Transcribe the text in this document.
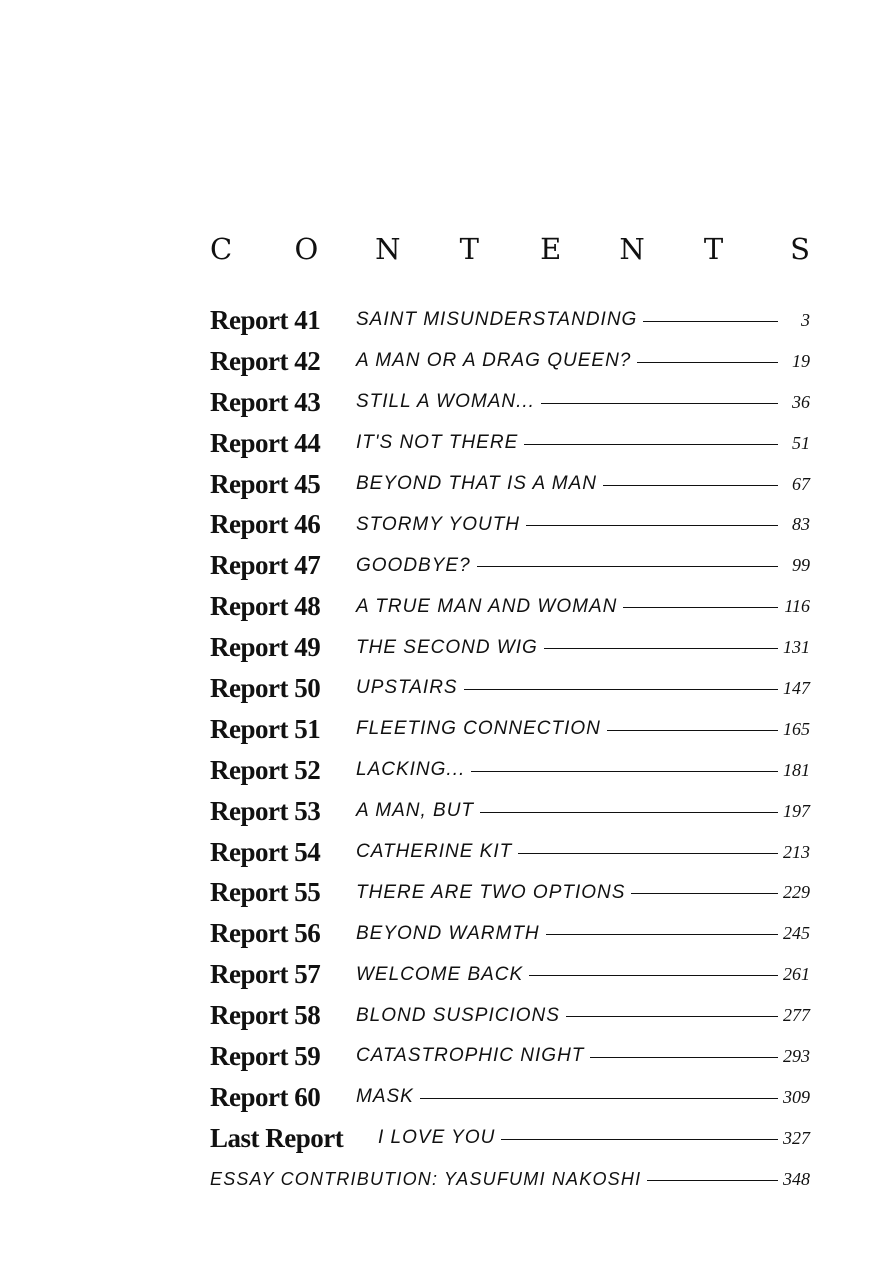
C O N T E N T	S
Report 41	SAINT MISUNDERSTANDING	3
Report 42	A MAN OR A DRAG QUEEN?	19
Report 43	STILL A WOMAN...	36
Report 44	IT'S NOT THERE	51
Report 45	BEYOND THAT IS A MAN	67
Report 46	STORMY YOUTH	83
Report 47	GOODBYE?	99
Report 48	A TRUE MAN AND WOMAN	116
Report 49	THE SECOND WIG	131
Report 50	UPSTAIRS	147
Report 51	FLEETING CONNECTION	165
Report 52	LACKING...	181
Report 53	A MAN, BUT	197
Report 54	CATHERINE KIT	213
Report 55	THERE ARE TWO OPTIONS	229
Report 56	BEYOND WARMTH	245
Report 57	WELCOME BACK	261
Report 58	BLOND SUSPICIONS	277
Report 59	CATASTROPHIC NIGHT	293
Report 60	MASK	309
Last Report	I LOVE YOU	327
ESSAY CONTRIBUTION: YASUFUMI NAKOSHI	348
